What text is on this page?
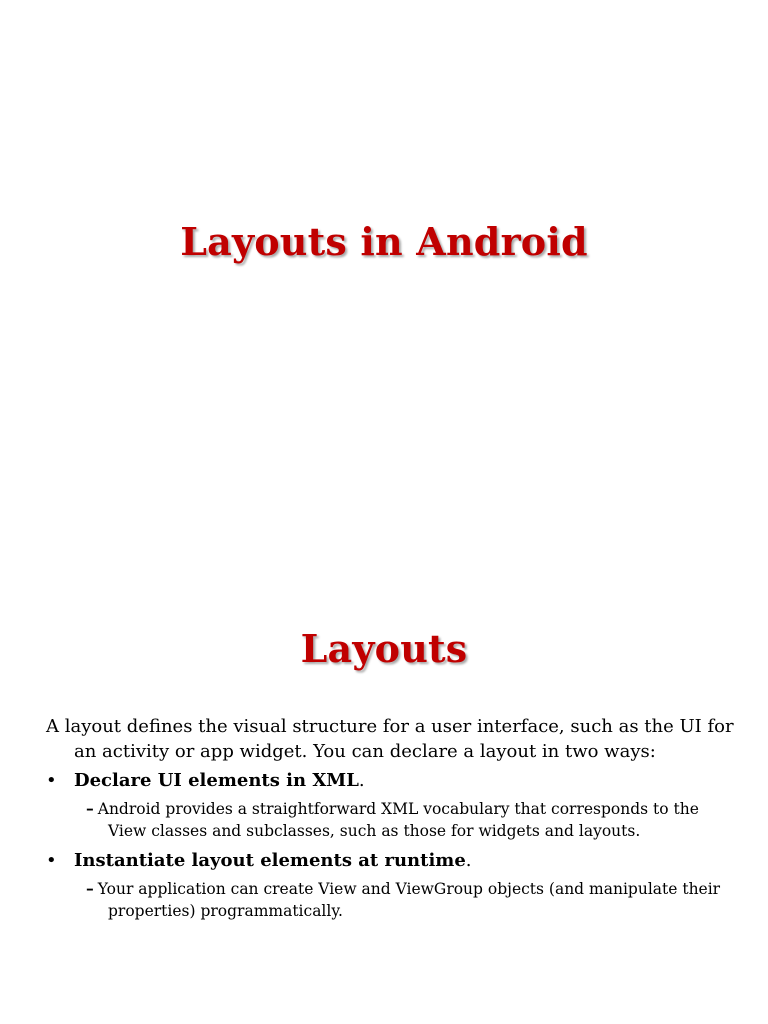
Layouts in Android
Layouts

A layout defines the visual structure for a user interface, such as the UI for an activity or app widget. You can declare a layout in two ways:

• Declare UI elements in XML.
– Android provides a straightforward XML vocabulary that corresponds to the View classes and subclasses, such as those for widgets and layouts.
• Instantiate layout elements at runtime.
– Your application can create View and ViewGroup objects (and manipulate their properties) programmatically.
